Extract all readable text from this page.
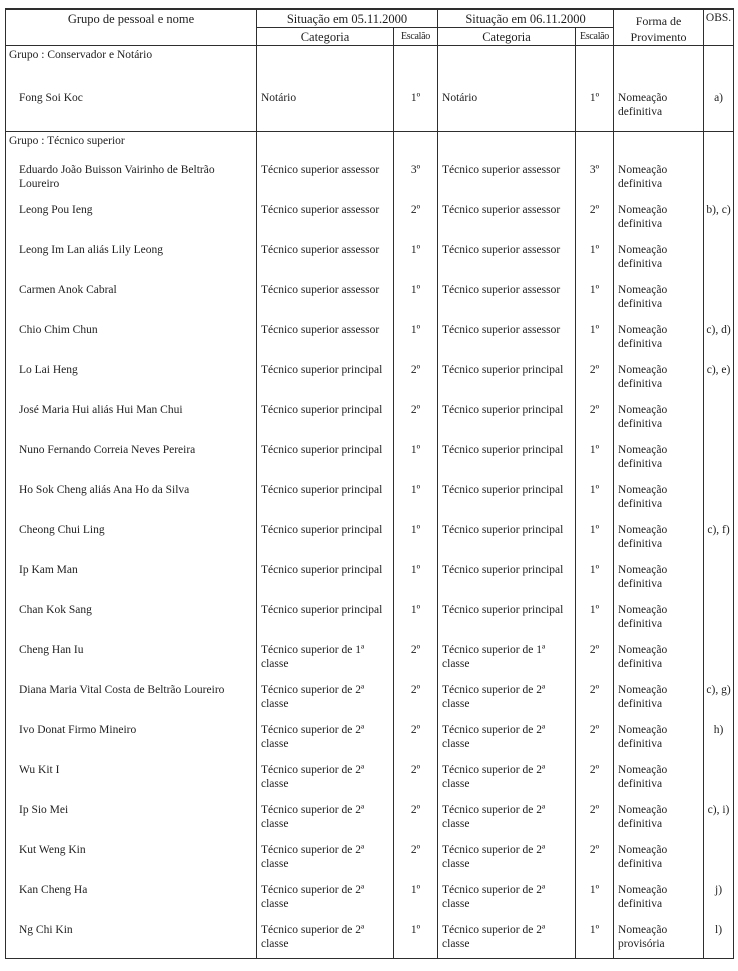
Grupo de pessoal e nome	Situação em 05.11.2000		Situação em 06.11.2000		Forma de
Provimento	OBS.
	Categoria	Escalão	Categoria	Escalão		
Grupo : Conservador e Notário						
Fong Soi Koc	Notário	1º	Notário	1º	Nomeação definitiva	a)
Grupo : Técnico superior						
Eduardo João Buisson Vairinho de Beltrão Loureiro	Técnico superior assessor	3º	Técnico superior assessor	3º	Nomeação definitiva	
Leong Pou Ieng	Técnico superior assessor	2º	Técnico superior assessor	2º	Nomeação definitiva	b), c)
Leong Im Lan aliás Lily Leong	Técnico superior assessor	1º	Técnico superior assessor	1º	Nomeação definitiva	
Carmen Anok Cabral	Técnico superior assessor	1º	Técnico superior assessor	1º	Nomeação definitiva	
Chio Chim Chun	Técnico superior assessor	1º	Técnico superior assessor	1º	Nomeação definitiva	c), d)
Lo Lai Heng	Técnico superior principal	2º	Técnico superior principal	2º	Nomeação definitiva	c), e)
José Maria Hui aliás Hui Man Chui	Técnico superior principal	2º	Técnico superior principal	2º	Nomeação definitiva	
Nuno Fernando Correia Neves Pereira	Técnico superior principal	1º	Técnico superior principal	1º	Nomeação definitiva	
Ho Sok Cheng aliás Ana Ho da Silva	Técnico superior principal	1º	Técnico superior principal	1º	Nomeação definitiva	
Cheong Chui Ling	Técnico superior principal	1º	Técnico superior principal	1º	Nomeação definitiva	c), f)
Ip Kam Man	Técnico superior principal	1º	Técnico superior principal	1º	Nomeação definitiva	
Chan Kok Sang	Técnico superior principal	1º	Técnico superior principal	1º	Nomeação definitiva	
Cheng Han Iu	Técnico superior de 1ª classe	2º	Técnico superior de 1ª classe	2º	Nomeação definitiva	
Diana Maria Vital Costa de Beltrão Loureiro	Técnico superior de 2ª classe	2º	Técnico superior de 2ª classe	2º	Nomeação definitiva	c), g)
Ivo Donat Firmo Mineiro	Técnico superior de 2ª classe	2º	Técnico superior de 2ª classe	2º	Nomeação definitiva	h)
Wu Kit I	Técnico superior de 2ª classe	2º	Técnico superior de 2ª classe	2º	Nomeação definitiva	
Ip Sio Mei	Técnico superior de 2ª classe	2º	Técnico superior de 2ª classe	2º	Nomeação definitiva	c), i)
Kut Weng Kin	Técnico superior de 2ª classe	2º	Técnico superior de 2ª classe	2º	Nomeação definitiva	
Kan Cheng Ha	Técnico superior de 2ª classe	1º	Técnico superior de 2ª classe	1º	Nomeação definitiva	j)
Ng Chi Kin	Técnico superior de 2ª classe	1º	Técnico superior de 2ª classe	1º	Nomeação provisória	l)
